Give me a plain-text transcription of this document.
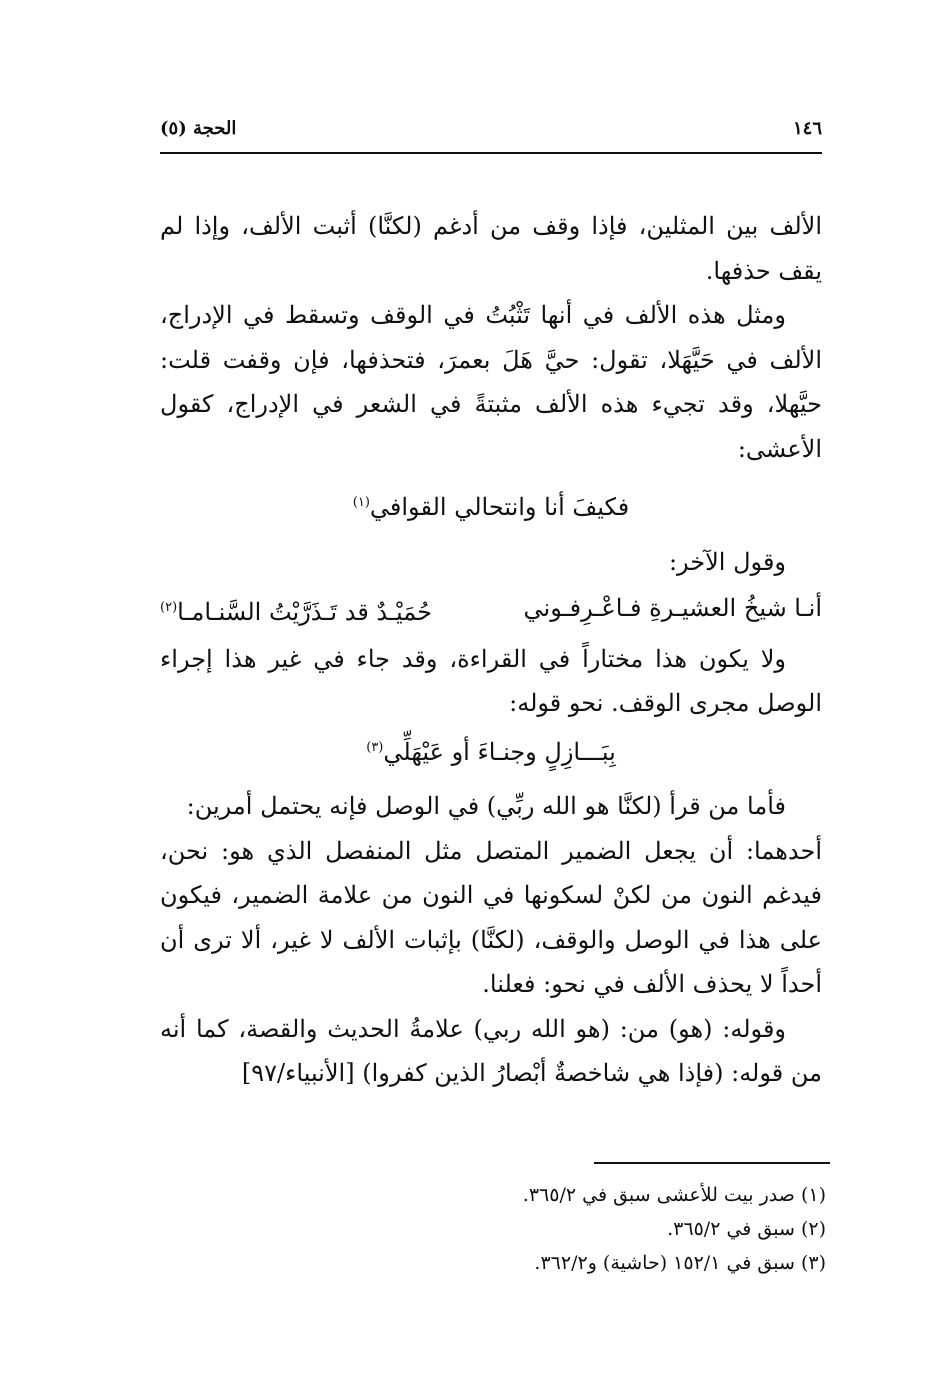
١٤٦
الحجة (٥)

الألف بين المثلين، فإذا وقف من أدغم (لكنَّا) أثبت الألف، وإذا لم يقف حذفها.

ومثل هذه الألف في أنها تَثْبُتُ في الوقف وتسقط في الإدراج، الألف في حَيَّهَلا، تقول: حيَّ هَلَ بعمرَ، فتحذفها، فإن وقفت قلت: حيَّهلا، وقد تجيء هذه الألف مثبتةً في الشعر في الإدراج، كقول الأعشى:

فكيفَ أنا وانتحالي القوافي$^{(١)}$

وقول الآخر:

أنـا شيخُ العشيـرةِ فـاعْـرِفـوني
حُمَيْـدٌ قد تَـذَرَّيْتُ السَّنـامـا$^{(٢)}$

ولا يكون هذا مختاراً في القراءة، وقد جاء في غير هذا إجراء الوصل مجرى الوقف. نحو قوله:

بِبَـــازِلٍ وجنـاءَ أو عَيْهَلِّي$^{(٣)}$

فأما من قرأ (لكنَّا هو الله ربِّي) في الوصل فإنه يحتمل أمرين:

أحدهما: أن يجعل الضمير المتصل مثل المنفصل الذي هو: نحن، فيدغم النون من لكنْ لسكونها في النون من علامة الضمير، فيكون على هذا في الوصل والوقف، (لكنَّا) بإثبات الألف لا غير، ألا ترى أن أحداً لا يحذف الألف في نحو: فعلنا.

وقوله: (هو) من: (هو الله ربي) علامةُ الحديث والقصة، كما أنه من قوله: (فإذا هي شاخصةٌ أبْصارُ الذين كفروا) [الأنبياء/٩٧]

(١) صدر بيت للأعشى سبق في ٣٦٥/٢.
(٢) سبق في ٣٦٥/٢.
(٣) سبق في ١٥٢/١ (حاشية) و٣٦٢/٢.
